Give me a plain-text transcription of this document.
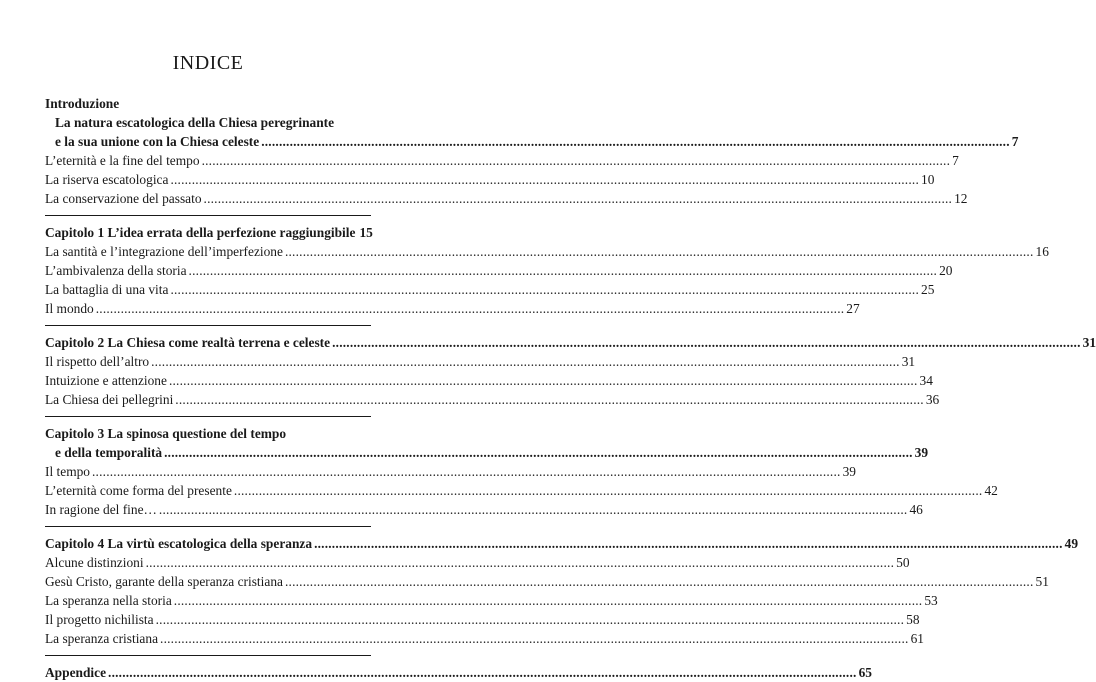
INDICE
Introduzione
La natura escatologica della Chiesa peregrinante
e la sua unione con la Chiesa celeste .....	7
L’eternità e la fine del tempo .....	7
La riserva escatologica .....	10
La conservazione del passato .....	12
Capitolo 1 L’idea errata della perfezione raggiungibile 15
La santità e l’integrazione dell’imperfezione .....	16
L’ambivalenza della storia .....	20
La battaglia di una vita .....	25
Il mondo .....	27
Capitolo 2 La Chiesa come realtà terrena e celeste .....	31
Il rispetto dell’altro .....	31
Intuizione e attenzione .....	34
La Chiesa dei pellegrini .....	36
Capitolo 3 La spinosa questione del tempo
e della temporalità .....	39
Il tempo .....	39
L’eternità come forma del presente .....	42
In ragione del fine… .....	46
Capitolo 4 La virtù escatologica della speranza .....	49
Alcune distinzioni .....	50
Gesù Cristo, garante della speranza cristiana .....	51
La speranza nella storia .....	53
Il progetto nichilista .....	58
La speranza cristiana .....	61
Appendice .....	65
